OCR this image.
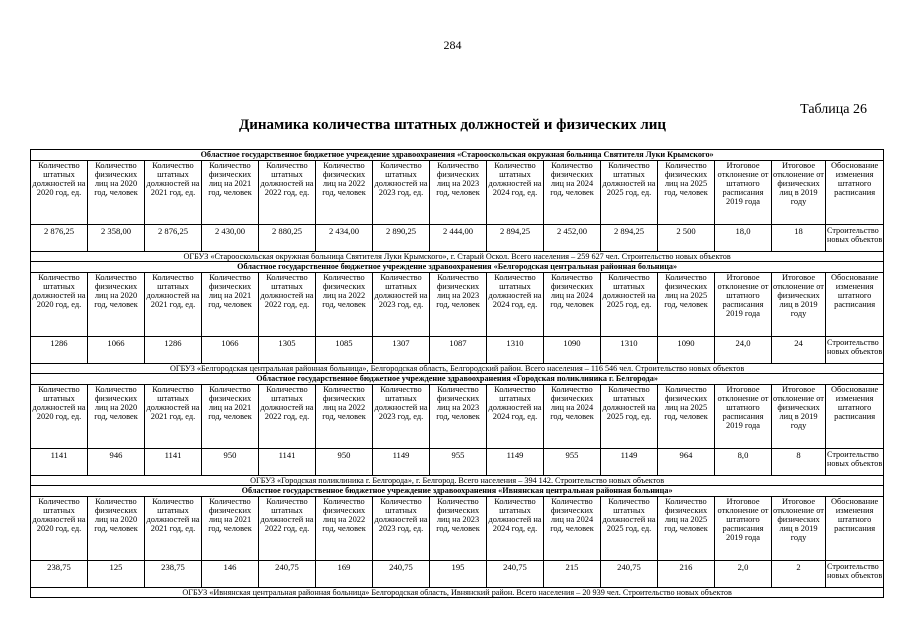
284
Таблица 26
Динамика количества штатных должностей и физических лиц
Областное государственное бюджетное учреждение здравоохранения «Старооскольская окружная больница Святителя Луки Крымского»														
Количество штатных должностей на 2020 год, ед.	Количество физических лиц на 2020 год, человек	Количество штатных должностей на 2021 год, ед.	Количество физических лиц на 2021 год, человек	Количество штатных должностей на 2022 год, ед.	Количество физических лиц на 2022 год, человек	Количество штатных должностей на 2023 год, ед.	Количество физических лиц на 2023 год, человек	Количество штатных должностей на 2024 год, ед.	Количество физических лиц на 2024 год, человек	Количество штатных должностей на 2025 год, ед.	Количество физических лиц на 2025 год, человек	Итоговое отклонение от штатного расписания 2019 года	Итоговое отклонение от физических лиц в 2019 году	Обоснование изменения штатного расписания
2 876,25	2 358,00	2 876,25	2 430,00	2 880,25	2 434,00	2 890,25	2 444,00	2 894,25	2 452,00	2 894,25	2 500	18,0	18	Строительство новых объектов
ОГБУЗ «Старооскольская окружная больница Святителя Луки Крымского», г. Старый Оскол. Всего населения – 259 627 чел. Строительство новых объектов														
Областное государственное бюджетное учреждение здравоохранения «Белгородская центральная районная больница»														
Количество штатных должностей на 2020 год, ед.	Количество физических лиц на 2020 год, человек	Количество штатных должностей на 2021 год, ед.	Количество физических лиц на 2021 год, человек	Количество штатных должностей на 2022 год, ед.	Количество физических лиц на 2022 год, человек	Количество штатных должностей на 2023 год, ед.	Количество физических лиц на 2023 год, человек	Количество штатных должностей на 2024 год, ед.	Количество физических лиц на 2024 год, человек	Количество штатных должностей на 2025 год, ед.	Количество физических лиц на 2025 год, человек	Итоговое отклонение от штатного расписания 2019 года	Итоговое отклонение от физических лиц в 2019 году	Обоснование изменения штатного расписания
1286	1066	1286	1066	1305	1085	1307	1087	1310	1090	1310	1090	24,0	24	Строительство новых объектов
ОГБУЗ «Белгородская центральная районная больница», Белгородская область, Белгородский район. Всего населения – 116 546 чел. Строительство новых объектов														
Областное государственное бюджетное учреждение здравоохранения «Городская поликлиника г. Белгорода»														
Количество штатных должностей на 2020 год, ед.	Количество физических лиц на 2020 год, человек	Количество штатных должностей на 2021 год, ед.	Количество физических лиц на 2021 год, человек	Количество штатных должностей на 2022 год, ед.	Количество физических лиц на 2022 год, человек	Количество штатных должностей на 2023 год, ед.	Количество физических лиц на 2023 год, человек	Количество штатных должностей на 2024 год, ед.	Количество физических лиц на 2024 год, человек	Количество штатных должностей на 2025 год, ед.	Количество физических лиц на 2025 год, человек	Итоговое отклонение от штатного расписания 2019 года	Итоговое отклонение от физических лиц в 2019 году	Обоснование изменения штатного расписания
1141	946	1141	950	1141	950	1149	955	1149	955	1149	964	8,0	8	Строительство новых объектов
ОГБУЗ «Городская поликлиника г. Белгорода», г. Белгород. Всего населения – 394 142. Строительство новых объектов														
Областное государственное бюджетное учреждение здравоохранения «Ивнянская центральная районная больница»														
Количество штатных должностей на 2020 год, ед.	Количество физических лиц на 2020 год, человек	Количество штатных должностей на 2021 год, ед.	Количество физических лиц на 2021 год, человек	Количество штатных должностей на 2022 год, ед.	Количество физических лиц на 2022 год, человек	Количество штатных должностей на 2023 год, ед.	Количество физических лиц на 2023 год, человек	Количество штатных должностей на 2024 год, ед.	Количество физических лиц на 2024 год, человек	Количество штатных должностей на 2025 год, ед.	Количество физических лиц на 2025 год, человек	Итоговое отклонение от штатного расписания 2019 года	Итоговое отклонение от физических лиц в 2019 году	Обоснование изменения штатного расписания
238,75	125	238,75	146	240,75	169	240,75	195	240,75	215	240,75	216	2,0	2	Строительство новых объектов
ОГБУЗ «Ивнянская центральная районная больница» Белгородская область, Ивнянский район. Всего населения – 20 939 чел. Строительство новых объектов														
